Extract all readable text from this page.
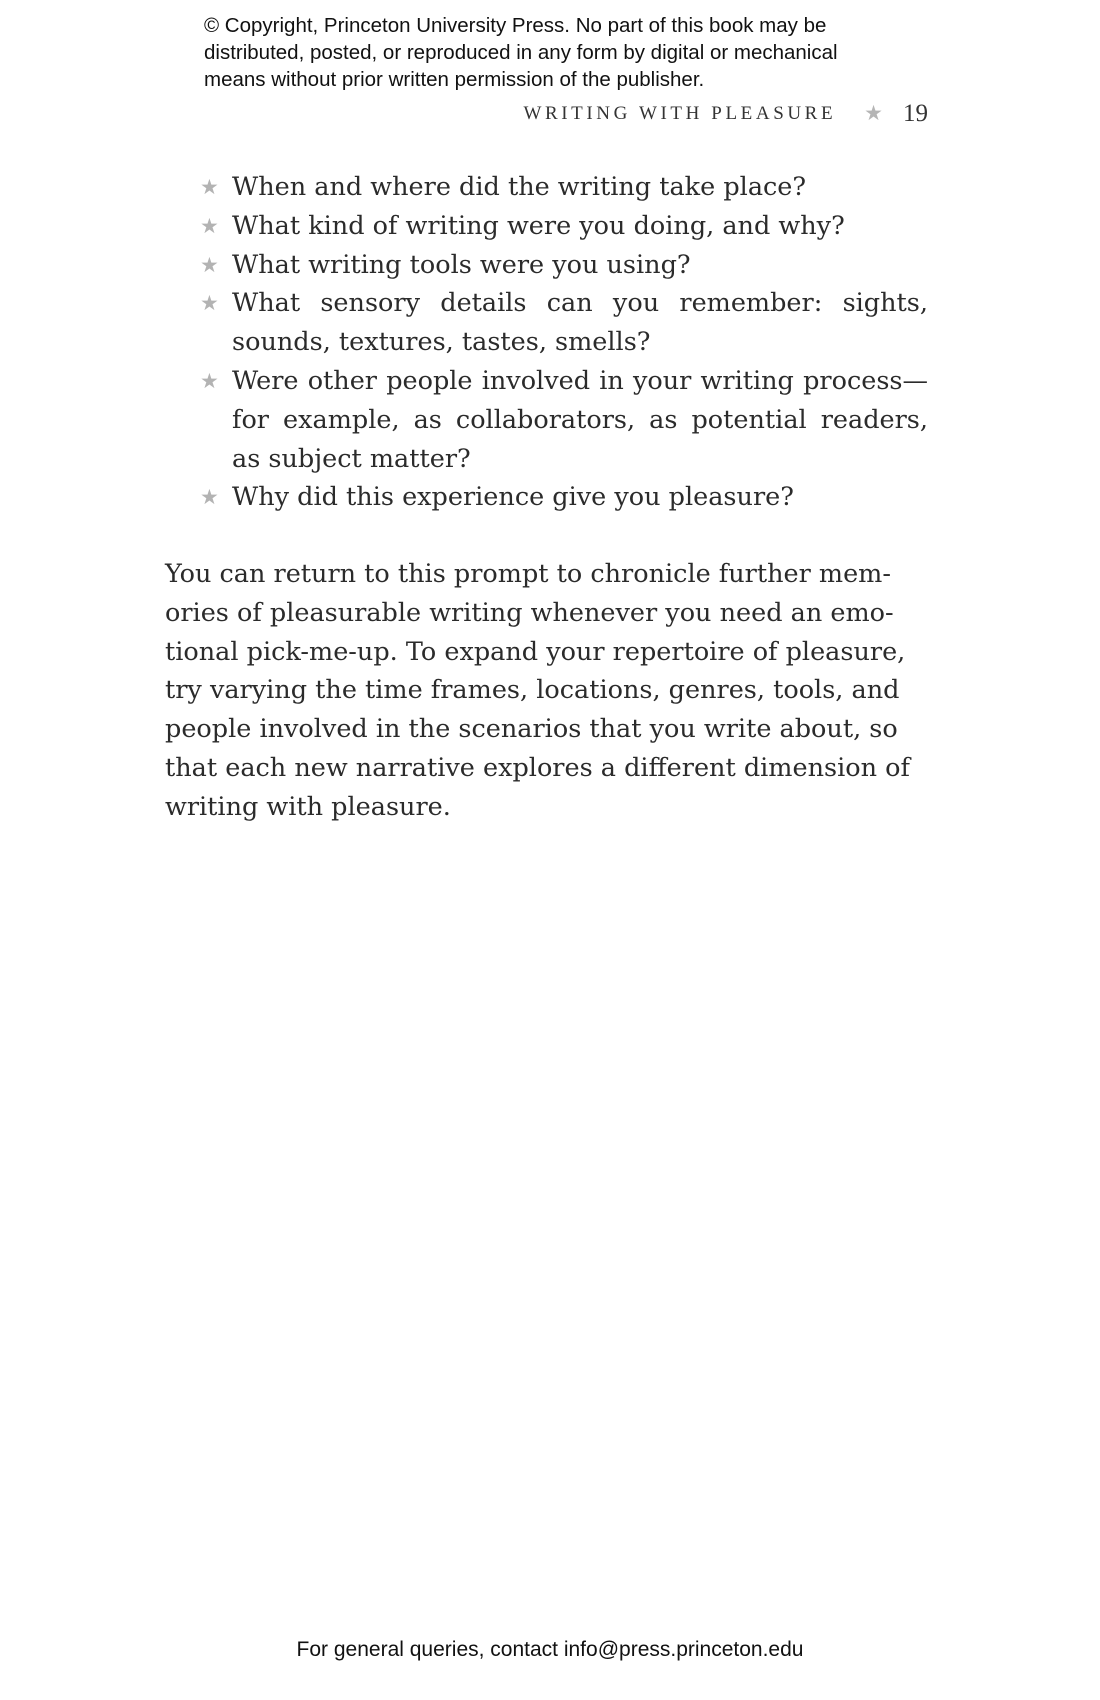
© Copyright, Princeton University Press. No part of this book may be
distributed, posted, or reproduced in any form by digital or mechanical
means without prior written permission of the publisher.
WRITING WITH PLEASURE ★ 19
★ When and where did the writing take place?
★ What kind of writing were you doing, and why?
★ What writing tools were you using?
★ What sensory details can you remember: sights, sounds, textures, tastes, smells?
★ Were other people involved in your writing process—for example, as collaborators, as potential readers, as subject matter?
★ Why did this experience give you pleasure?

You can return to this prompt to chronicle further mem-
ories of pleasurable writing whenever you need an emo-
tional pick-me-up. To expand your repertoire of pleasure,
try varying the time frames, locations, genres, tools, and
people involved in the scenarios that you write about, so
that each new narrative explores a different dimension of
writing with pleasure.

For general queries, contact info@press.princeton.edu
